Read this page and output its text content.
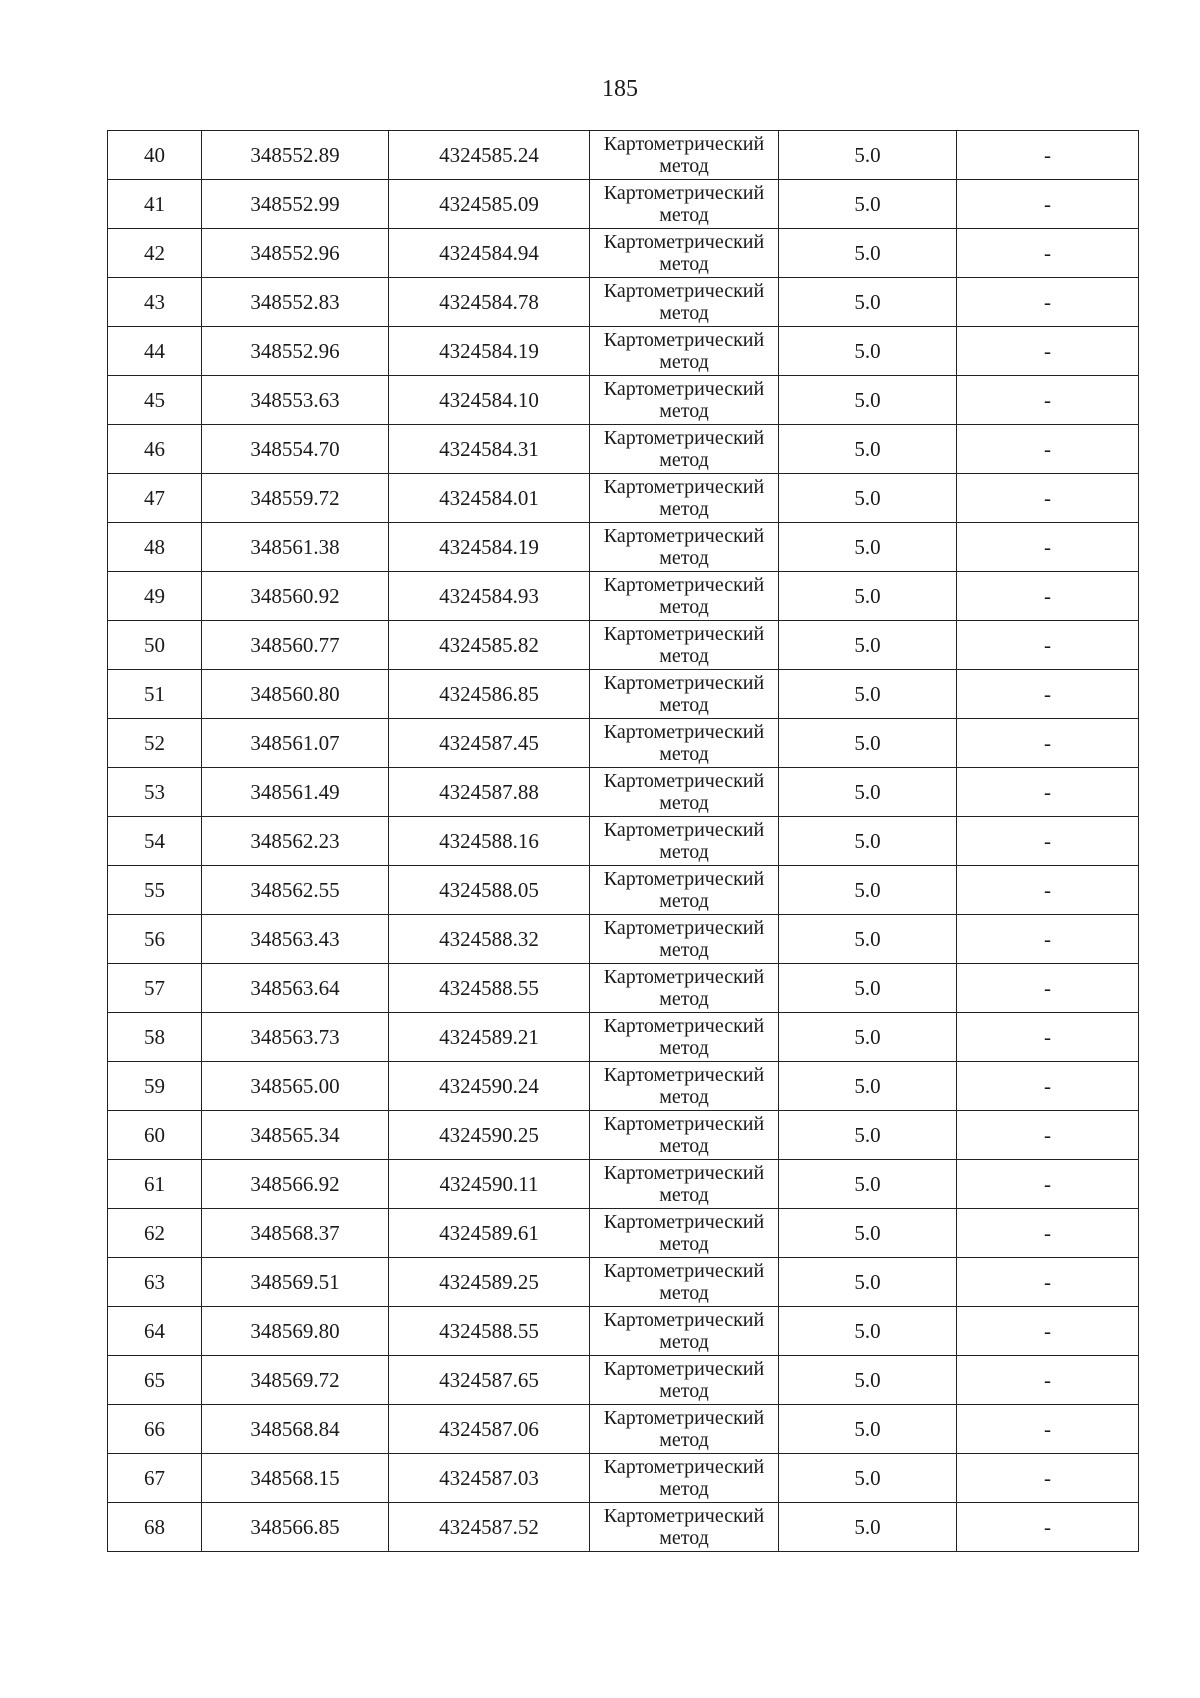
185
40	348552.89	4324585.24	Картометрический
метод	5.0	-
41	348552.99	4324585.09	Картометрический
метод	5.0	-
42	348552.96	4324584.94	Картометрический
метод	5.0	-
43	348552.83	4324584.78	Картометрический
метод	5.0	-
44	348552.96	4324584.19	Картометрический
метод	5.0	-
45	348553.63	4324584.10	Картометрический
метод	5.0	-
46	348554.70	4324584.31	Картометрический
метод	5.0	-
47	348559.72	4324584.01	Картометрический
метод	5.0	-
48	348561.38	4324584.19	Картометрический
метод	5.0	-
49	348560.92	4324584.93	Картометрический
метод	5.0	-
50	348560.77	4324585.82	Картометрический
метод	5.0	-
51	348560.80	4324586.85	Картометрический
метод	5.0	-
52	348561.07	4324587.45	Картометрический
метод	5.0	-
53	348561.49	4324587.88	Картометрический
метод	5.0	-
54	348562.23	4324588.16	Картометрический
метод	5.0	-
55	348562.55	4324588.05	Картометрический
метод	5.0	-
56	348563.43	4324588.32	Картометрический
метод	5.0	-
57	348563.64	4324588.55	Картометрический
метод	5.0	-
58	348563.73	4324589.21	Картометрический
метод	5.0	-
59	348565.00	4324590.24	Картометрический
метод	5.0	-
60	348565.34	4324590.25	Картометрический
метод	5.0	-
61	348566.92	4324590.11	Картометрический
метод	5.0	-
62	348568.37	4324589.61	Картометрический
метод	5.0	-
63	348569.51	4324589.25	Картометрический
метод	5.0	-
64	348569.80	4324588.55	Картометрический
метод	5.0	-
65	348569.72	4324587.65	Картометрический
метод	5.0	-
66	348568.84	4324587.06	Картометрический
метод	5.0	-
67	348568.15	4324587.03	Картометрический
метод	5.0	-
68	348566.85	4324587.52	Картометрический
метод	5.0	-
